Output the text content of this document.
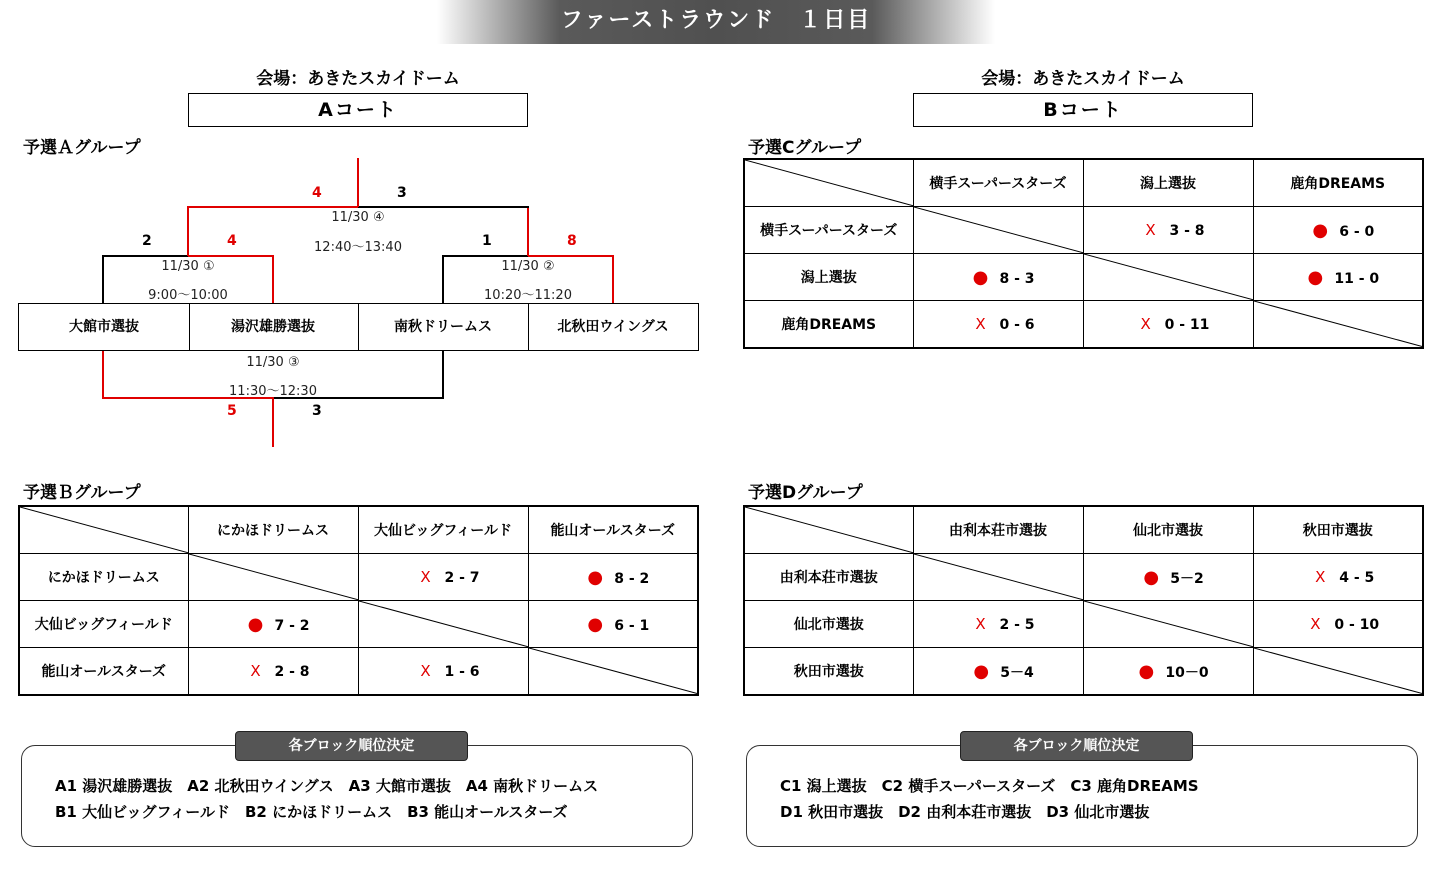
ファーストラウンド　１日目
会場：あきたスカイドーム
Aコート
予選Ａグループ
大館市選抜	湯沢雄勝選抜	南秋ドリームス	北秋田ウイングス
11/30 ①
9:00〜10:00
2	4
11/30 ②
10:20〜11:20
1	8
11/30 ④
12:40〜13:40
4	3
11/30 ③
11:30〜12:30
5	3
予選Ｂグループ
	にかほドリームス	大仙ビッグフィールド	能山オールスターズ
にかほドリームス		X 2 - 7	● 8 - 2
大仙ビッグフィールド	● 7 - 2		● 6 - 1
能山オールスターズ	X 2 - 8	X 1 - 6	
各ブロック順位決定
A1 湯沢雄勝選抜　A2 北秋田ウイングス　A3 大館市選抜　A4 南秋ドリームス
B1 大仙ビッグフィールド　B2 にかほドリームス　B3 能山オールスターズ
会場：あきたスカイドーム
Bコート
予選Cグループ
	横手スーパースターズ	潟上選抜	鹿角DREAMS
横手スーパースターズ		X 3 - 8	● 6 - 0
潟上選抜	● 8 - 3		● 11 - 0
鹿角DREAMS	X 0 - 6	X 0 - 11	
予選Dグループ
	由利本荘市選抜	仙北市選抜	秋田市選抜
由利本荘市選抜		● 5－2	X 4 - 5
仙北市選抜	X 2 - 5		X 0 - 10
秋田市選抜	● 5－4	● 10－0	
各ブロック順位決定
C1 潟上選抜　C2 横手スーパースターズ　C3 鹿角DREAMS
D1 秋田市選抜　D2 由利本荘市選抜　D3 仙北市選抜
